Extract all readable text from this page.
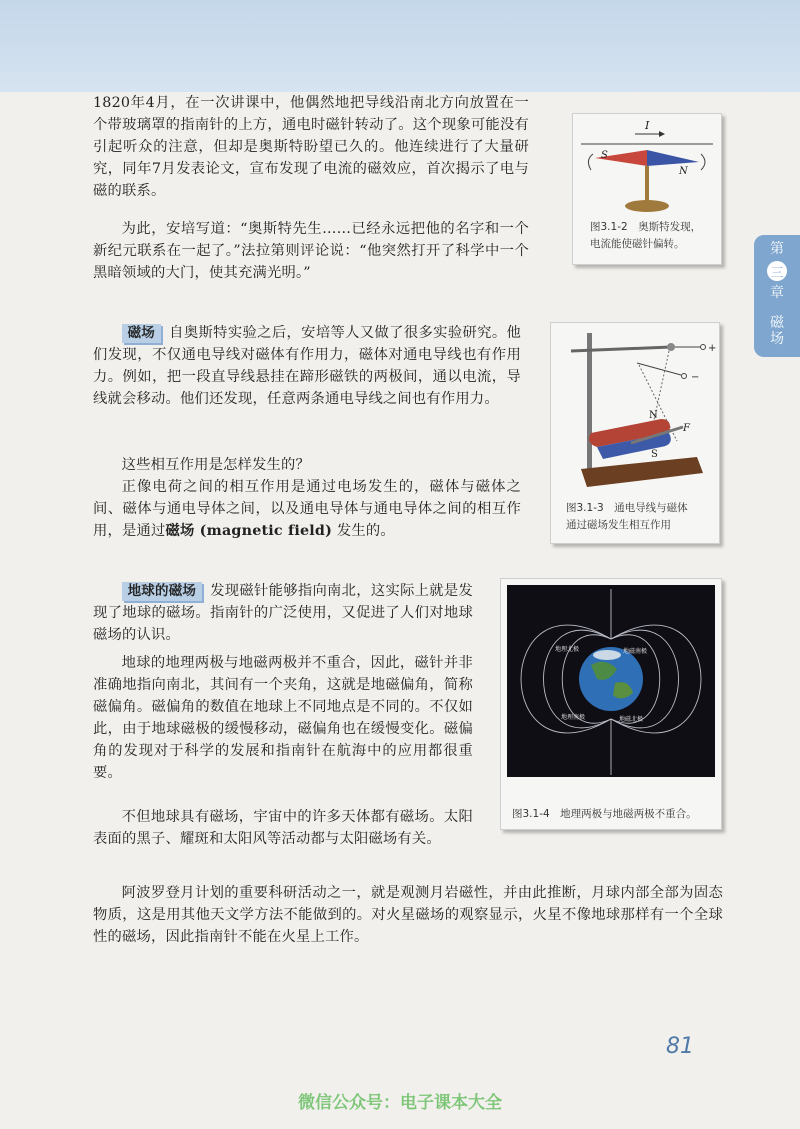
第
三
章
磁
场

1820年4月，在一次讲课中，他偶然地把导线沿南北方向放置在一个带玻璃罩的指南针的上方，通电时磁针转动了。这个现象可能没有引起听众的注意，但却是奥斯特盼望已久的。他连续进行了大量研究，同年7月发表论文，宣布发现了电流的磁效应，首次揭示了电与磁的联系。

为此，安培写道：“奥斯特先生……已经永远把他的名字和一个新纪元联系在一起了。”法拉第则评论说：“他突然打开了科学中一个黑暗领域的大门，使其充满光明。”

I
S
N
图3.1-2　奥斯特发现，
电流能使磁针偏转。

磁场 自奥斯特实验之后，安培等人又做了很多实验研究。他们发现，不仅通电导线对磁体有作用力，磁体对通电导线也有作用力。例如，把一段直导线悬挂在蹄形磁铁的两极间，通以电流，导线就会移动。他们还发现，任意两条通电导线之间也有作用力。

这些相互作用是怎样发生的？

正像电荷之间的相互作用是通过电场发生的，磁体与磁体之间、磁体与通电导体之间，以及通电导体与通电导体之间的相互作用，是通过磁场 (magnetic field) 发生的。

+
−
N
S
F
图3.1-3　通电导线与磁体
通过磁场发生相互作用

地球的磁场 发现磁针能够指向南北，这实际上就是发现了地球的磁场。指南针的广泛使用，又促进了人们对地球磁场的认识。

地球的地理两极与地磁两极并不重合，因此，磁针并非准确地指向南北，其间有一个夹角，这就是地磁偏角，简称磁偏角。磁偏角的数值在地球上不同地点是不同的。不仅如此，由于地球磁极的缓慢移动，磁偏角也在缓慢变化。磁偏角的发现对于科学的发展和指南针在航海中的应用都很重要。

不但地球具有磁场，宇宙中的许多天体都有磁场。太阳表面的黑子、耀斑和太阳风等活动都与太阳磁场有关。

地理北极	地磁南极
地理南极	地磁北极
图3.1-4　地理两极与地磁两极不重合。

阿波罗登月计划的重要科研活动之一，就是观测月岩磁性，并由此推断，月球内部全部为固态物质，这是用其他天文学方法不能做到的。对火星磁场的观察显示，火星不像地球那样有一个全球性的磁场，因此指南针不能在火星上工作。

81
微信公众号：电子课本大全
